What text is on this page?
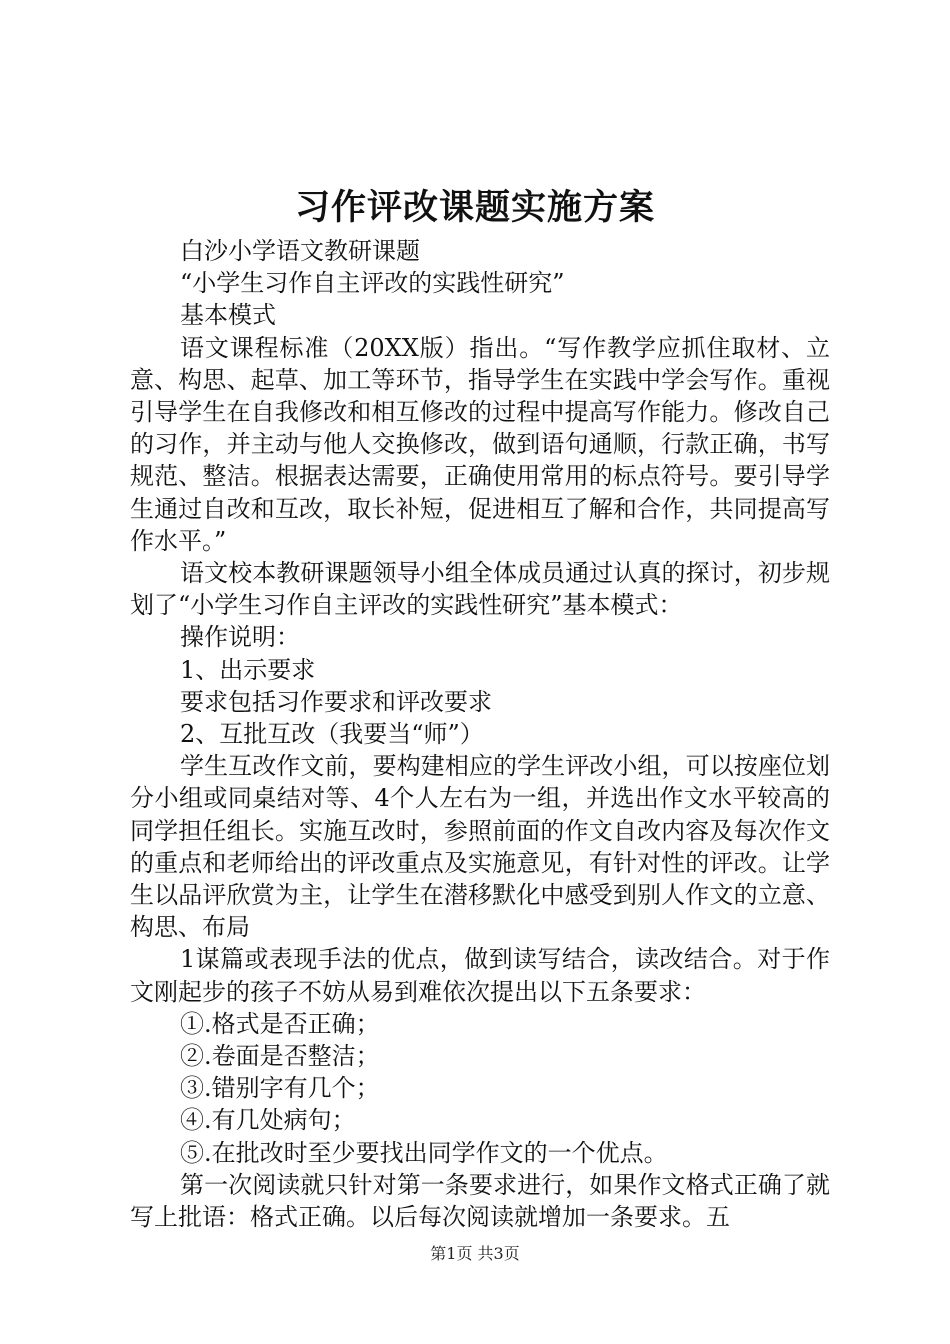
习作评改课题实施方案

白沙小学语文教研课题

“小学生习作自主评改的实践性研究”

基本模式

语文课程标准（20XX版）指出。“写作教学应抓住取材、立意、构思、起草、加工等环节，指导学生在实践中学会写作。重视引导学生在自我修改和相互修改的过程中提高写作能力。修改自己的习作，并主动与他人交换修改，做到语句通顺，行款正确，书写规范、整洁。根据表达需要，正确使用常用的标点符号。要引导学生通过自改和互改，取长补短，促进相互了解和合作，共同提高写作水平。”

语文校本教研课题领导小组全体成员通过认真的探讨，初步规划了“小学生习作自主评改的实践性研究”基本模式：

操作说明：

1、出示要求

要求包括习作要求和评改要求

2、互批互改（我要当“师”）

学生互改作文前，要构建相应的学生评改小组，可以按座位划分小组或同桌结对等、4个人左右为一组，并选出作文水平较高的同学担任组长。实施互改时，参照前面的作文自改内容及每次作文的重点和老师给出的评改重点及实施意见，有针对性的评改。让学生以品评欣赏为主，让学生在潜移默化中感受到别人作文的立意、构思、布局

1谋篇或表现手法的优点，做到读写结合，读改结合。对于作文刚起步的孩子不妨从易到难依次提出以下五条要求：

①.格式是否正确；

②.卷面是否整洁；

③.错别字有几个；

④.有几处病句；

⑤.在批改时至少要找出同学作文的一个优点。

第一次阅读就只针对第一条要求进行，如果作文格式正确了就写上批语：格式正确。以后每次阅读就增加一条要求。五

第1页 共3页
